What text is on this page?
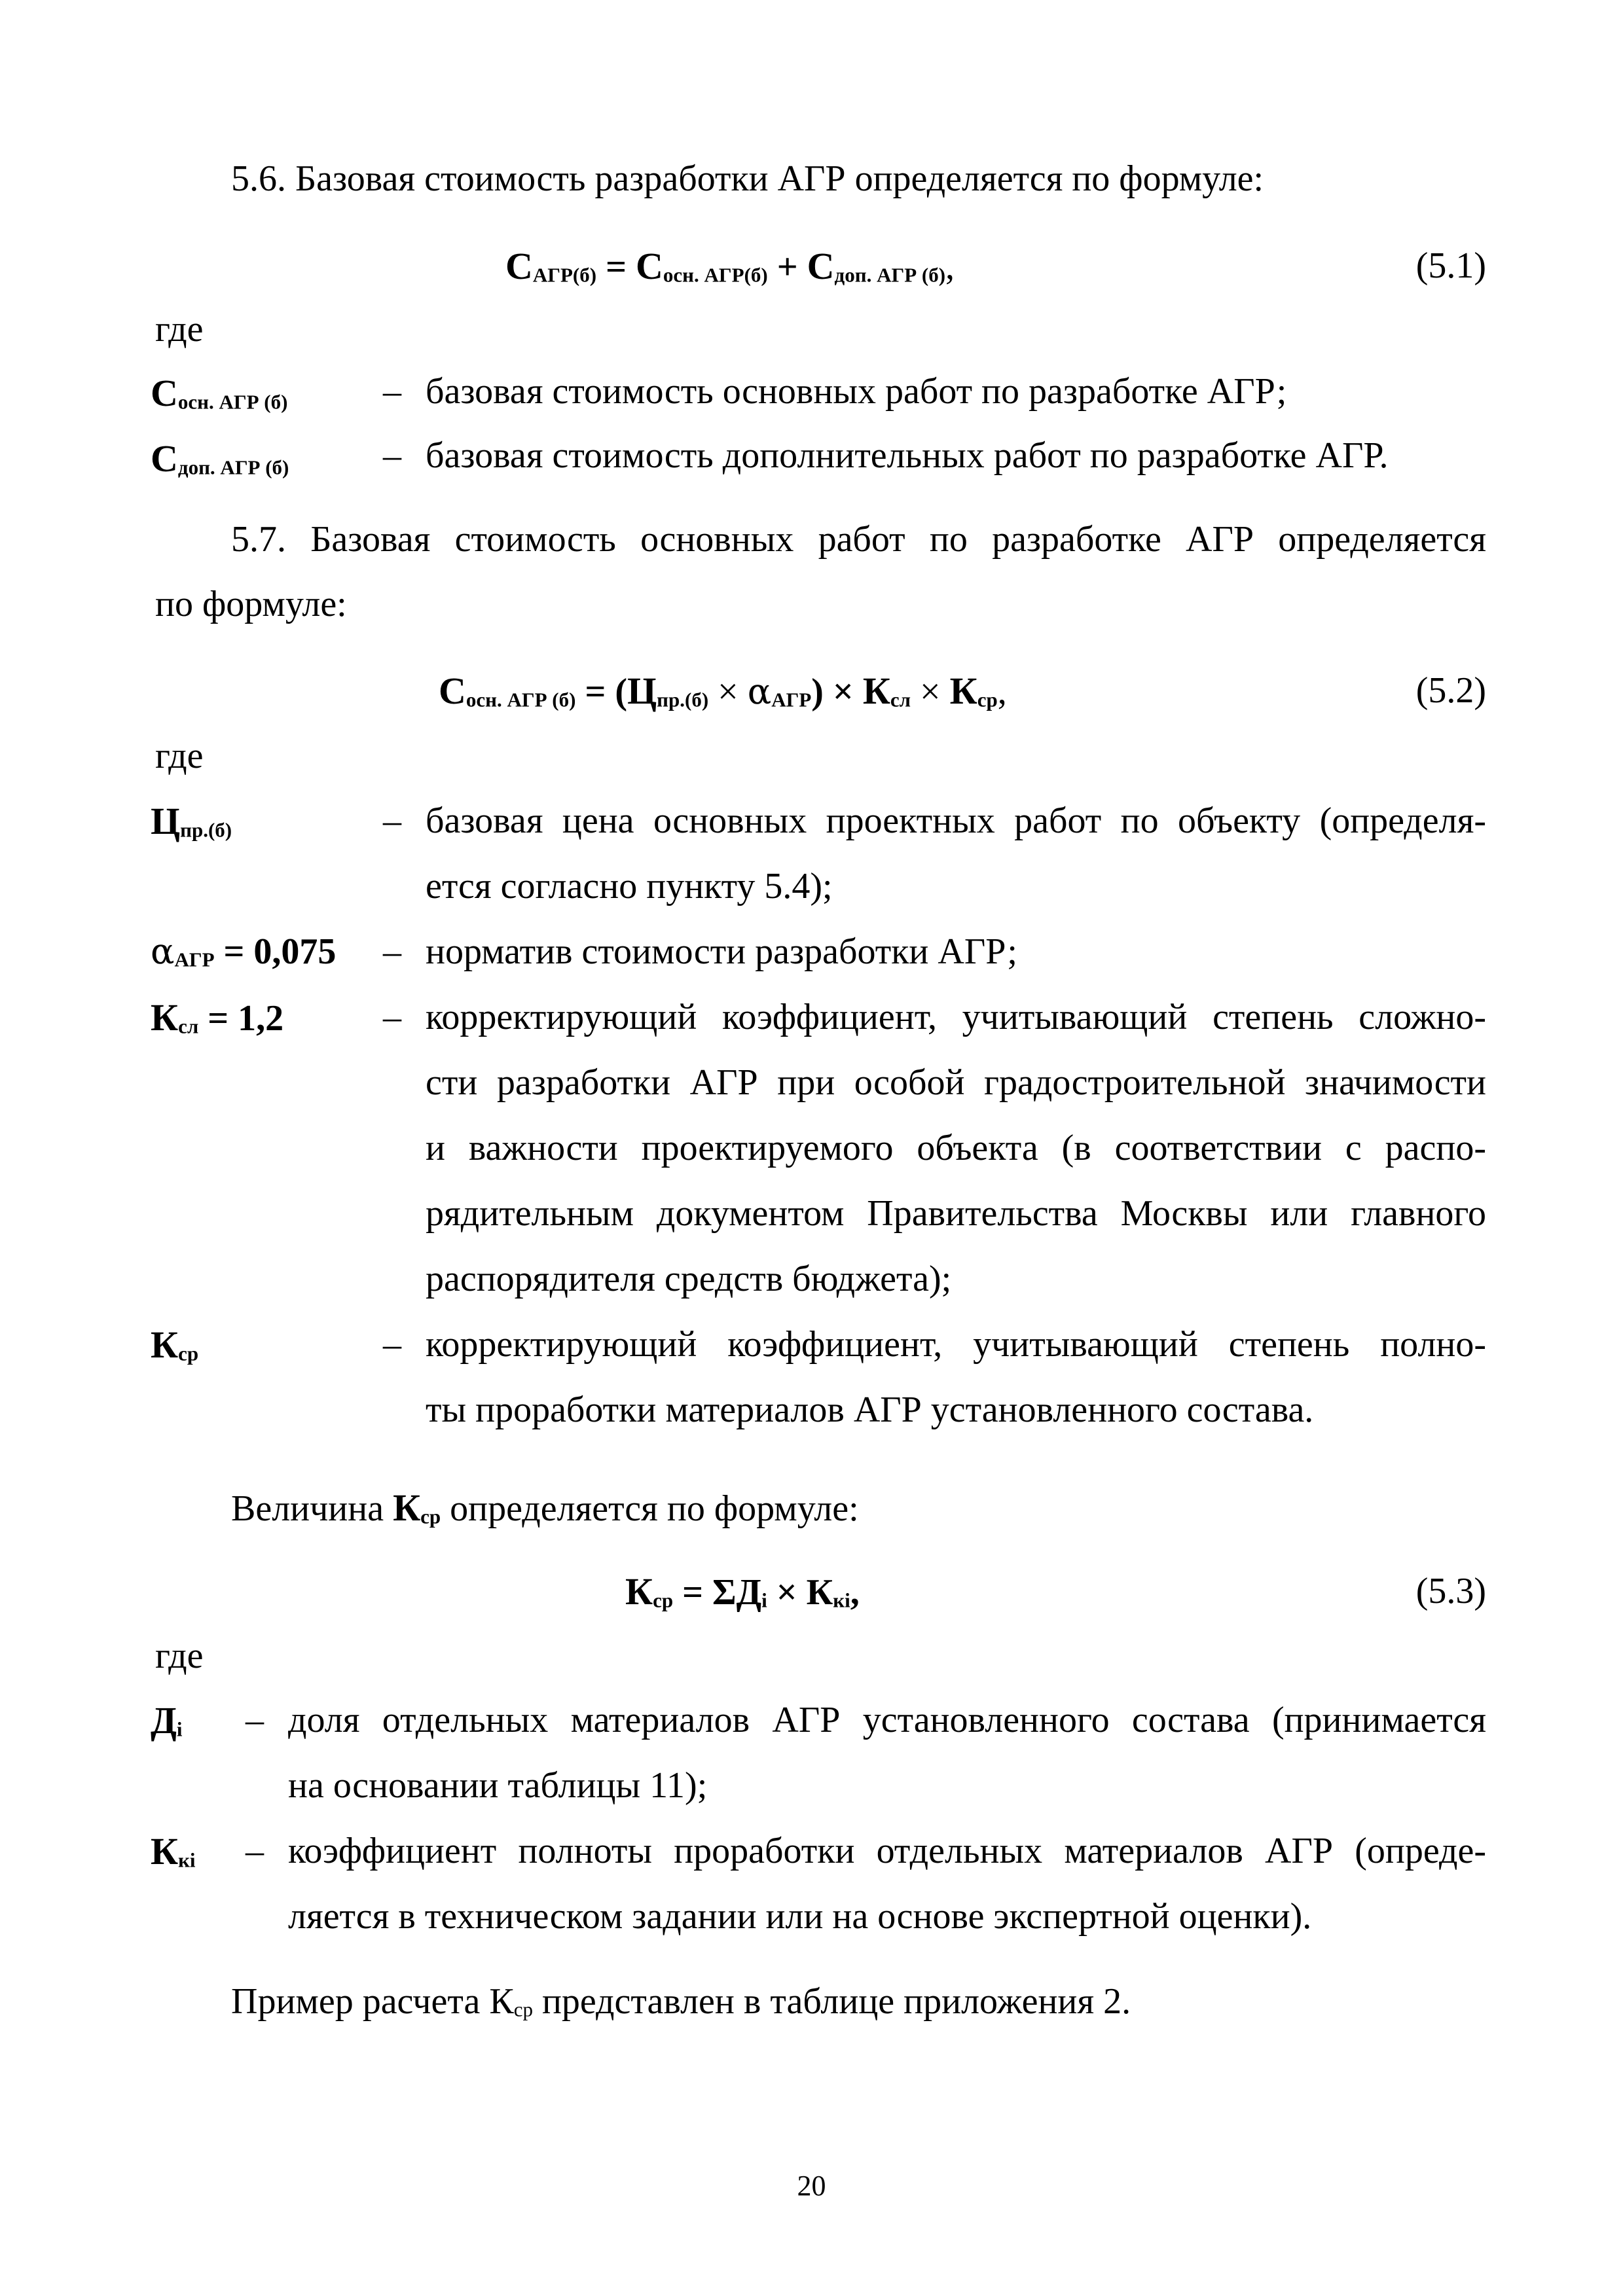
5.6. Базовая стоимость разработки АГР определяется по формуле:
$С_{АГР(б)} = С_{осн. АГР(б)} + С_{доп. АГР (б)}$,	(5.1)
где
Сосн. АГР (б)	– базовая стоимость основных работ по разработке АГР;
Сдоп. АГР (б)	– базовая стоимость дополнительных работ по разработке АГР.
5.7. Базовая стоимость основных работ по разработке АГР определяется
по формуле:
$С_{осн. АГР (б)} = (Ц_{пр.(б)} \times \alpha_{АГР}) \times К_{сл} \times К_{ср}$,	(5.2)
где
Цпр.(б)	– базовая цена основных проектных работ по объекту (определя-
ется согласно пункту 5.4);
αАГР = 0,075 – норматив стоимости разработки АГР;
Ксл = 1,2	– корректирующий коэффициент, учитывающий степень сложно-
сти разработки АГР при особой градостроительной значимости
и важности проектируемого объекта (в соответствии с распо-
рядительным документом Правительства Москвы или главного
распорядителя средств бюджета);
Кср	– корректирующий коэффициент, учитывающий степень полно-
ты проработки материалов АГР установленного состава.
Величина $К_{ср}$ определяется по формуле:
$К_{ср} = \Sigma Д_i \times К_{кi}$,	(5.3)
где
Дi – доля отдельных материалов АГР установленного состава (принимается
на основании таблицы 11);
Ккi – коэффициент полноты проработки отдельных материалов АГР (опреде-
ляется в техническом задании или на основе экспертной оценки).
Пример расчета $К_{ср}$ представлен в таблице приложения 2.
20
